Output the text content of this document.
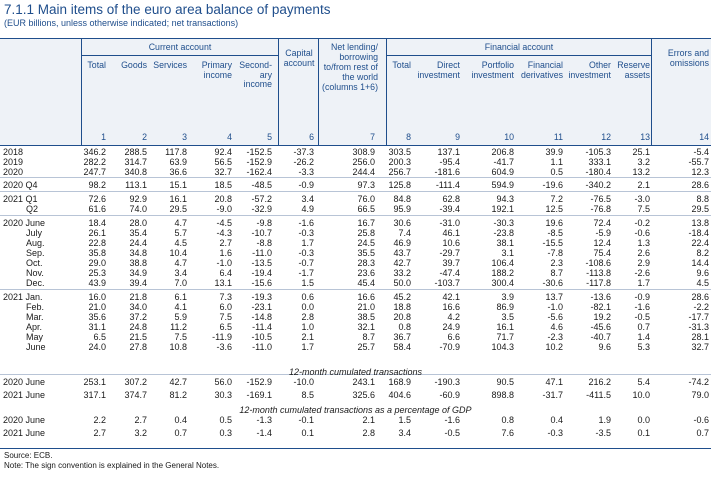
7.1.1 Main items of the euro area balance of payments
(EUR billions, unless otherwise indicated; net transactions)
Current account
Capital account
Net lending/ borrowing to/from rest of the world (columns 1+6)
Financial account
Errors and omissions
Total
1
Goods
2
Services
3
Primary income
4
Second-ary income
5	6	7
Total
8
Direct investment
9
Portfolio investment
10
Financial derivatives
11
Other investment
12
Reserve assets
13	14
2018	346.2	288.5	117.8	92.4	-152.5	-37.3	308.9	303.5	137.1	206.8	39.9	-105.3	25.1	-5.4
2019	282.2	314.7	63.9	56.5	-152.9	-26.2	256.0	200.3	-95.4	-41.7	1.1	333.1	3.2	-55.7
2020	247.7	340.8	36.6	32.7	-162.4	-3.3	244.4	256.7	-181.6	604.9	0.5	-180.4	13.2	12.3
2020 Q4	98.2	113.1	15.1	18.5	-48.5	-0.9	97.3	125.8	-111.4	594.9	-19.6	-340.2	2.1	28.6
2021 Q1	72.6	92.9	16.1	20.8	-57.2	3.4	76.0	84.8	62.8	94.3	7.2	-76.5	-3.0	8.8
Q2	61.6	74.0	29.5	-9.0	-32.9	4.9	66.5	95.9	-39.4	192.1	12.5	-76.8	7.5	29.5
2020 June	18.4	28.0	4.7	-4.5	-9.8	-1.6	16.7	30.6	-31.0	-30.3	19.6	72.4	-0.2	13.8
July	26.1	35.4	5.7	-4.3	-10.7	-0.3	25.8	7.4	46.1	-23.8	-8.5	-5.9	-0.6	-18.4
Aug.	22.8	24.4	4.5	2.7	-8.8	1.7	24.5	46.9	10.6	38.1	-15.5	12.4	1.3	22.4
Sep.	35.8	34.8	10.4	1.6	-11.0	-0.3	35.5	43.7	-29.7	3.1	-7.8	75.4	2.6	8.2
Oct.	29.0	38.8	4.7	-1.0	-13.5	-0.7	28.3	42.7	39.7	106.4	2.3	-108.6	2.9	14.4
Nov.	25.3	34.9	3.4	6.4	-19.4	-1.7	23.6	33.2	-47.4	188.2	8.7	-113.8	-2.6	9.6
Dec.	43.9	39.4	7.0	13.1	-15.6	1.5	45.4	50.0	-103.7	300.4	-30.6	-117.8	1.7	4.5
2021 Jan.	16.0	21.8	6.1	7.3	-19.3	0.6	16.6	45.2	42.1	3.9	13.7	-13.6	-0.9	28.6
Feb.	21.0	34.0	4.1	6.0	-23.1	0.0	21.0	18.8	16.6	86.9	-1.0	-82.1	-1.6	-2.2
Mar.	35.6	37.2	5.9	7.5	-14.8	2.8	38.5	20.8	4.2	3.5	-5.6	19.2	-0.5	-17.7
Apr.	31.1	24.8	11.2	6.5	-11.4	1.0	32.1	0.8	24.9	16.1	4.6	-45.6	0.7	-31.3
May	6.5	21.5	7.5	-11.9	-10.5	2.1	8.7	36.7	6.6	71.7	-2.3	-40.7	1.4	28.1
June	24.0	27.8	10.8	-3.6	-11.0	1.7	25.7	58.4	-70.9	104.3	10.2	9.6	5.3	32.7
2020 June	253.1	307.2	42.7	56.0	-152.9	-10.0	243.1	168.9	-190.3	90.5	47.1	216.2	5.4	-74.2
2021 June	317.1	374.7	81.2	30.3	-169.1	8.5	325.6	404.6	-60.9	898.8	-31.7	-411.5	10.0	79.0
2020 June	2.2	2.7	0.4	0.5	-1.3	-0.1	2.1	1.5	-1.6	0.8	0.4	1.9	0.0	-0.6
2021 June	2.7	3.2	0.7	0.3	-1.4	0.1	2.8	3.4	-0.5	7.6	-0.3	-3.5	0.1	0.7
12-month cumulated transactions
12-month cumulated transactions as a percentage of GDP
Source: ECB.
Note: The sign convention is explained in the General Notes.
